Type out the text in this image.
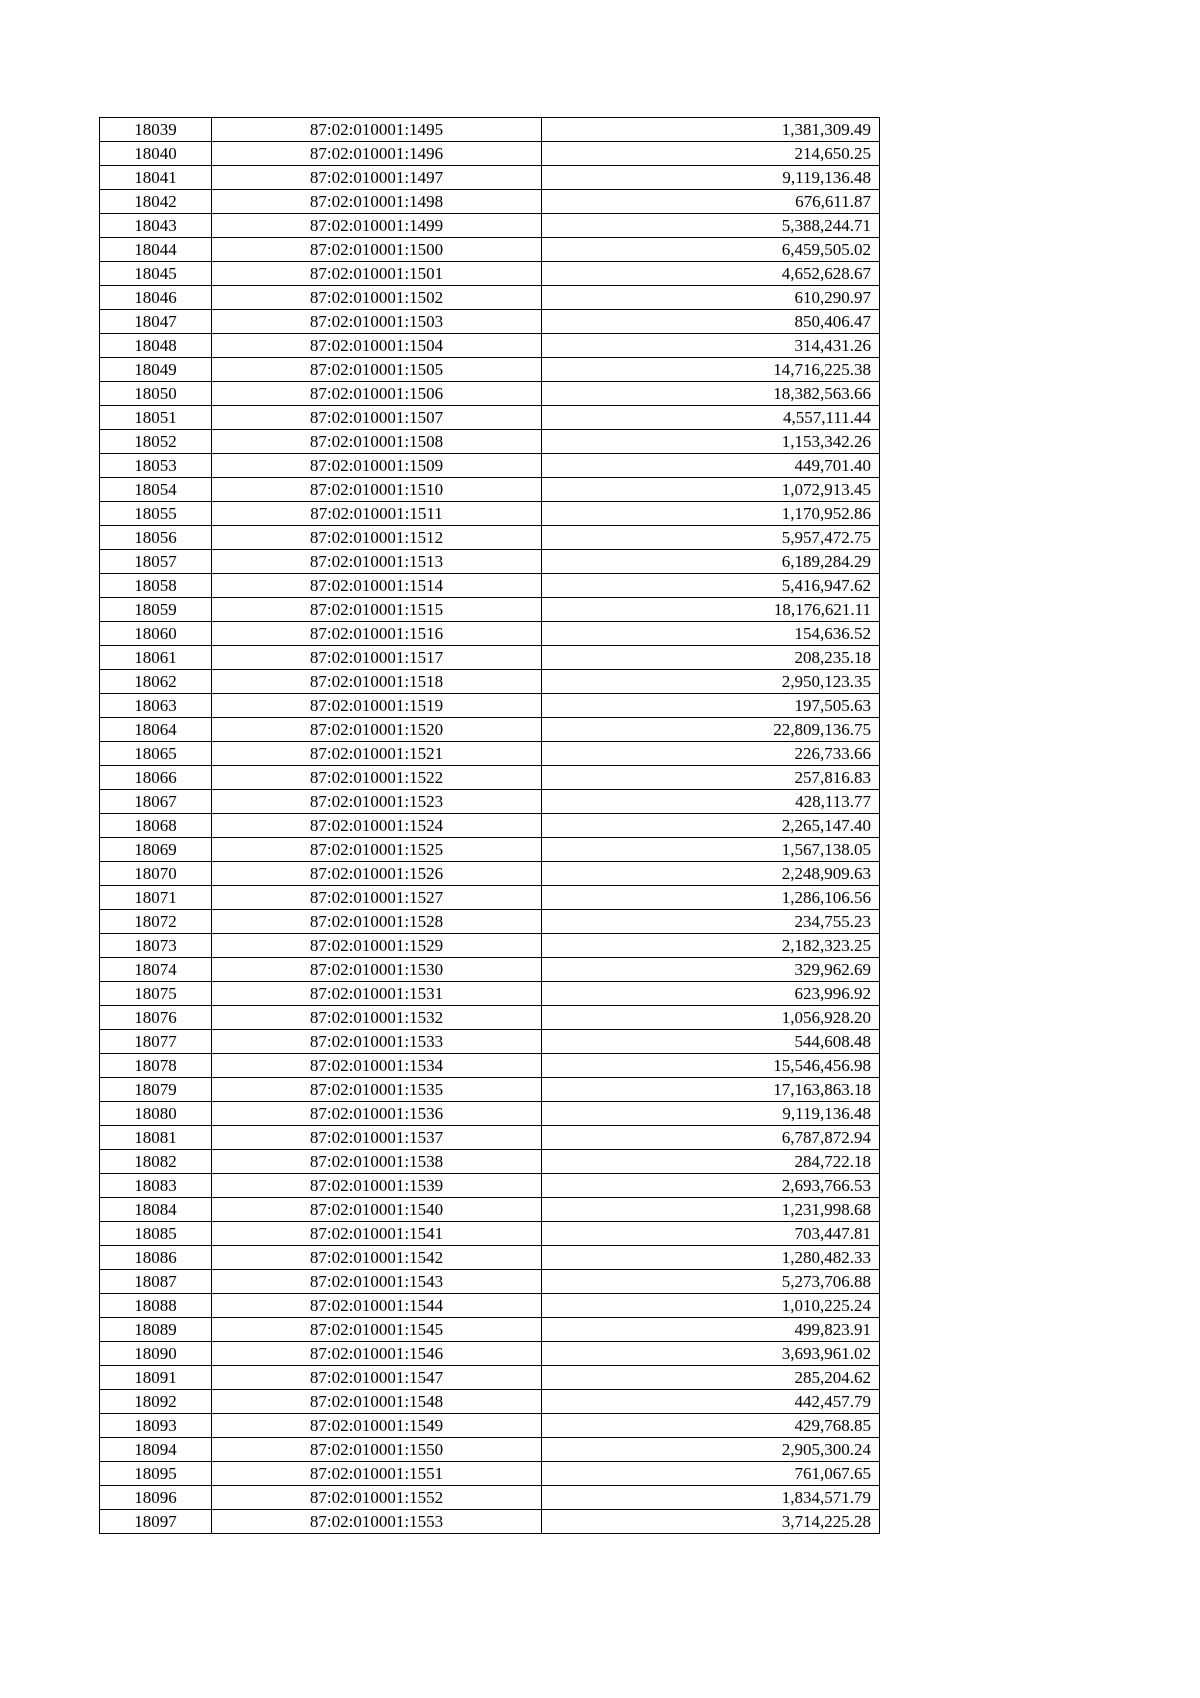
18039	87:02:010001:1495	1,381,309.49
18040	87:02:010001:1496	214,650.25
18041	87:02:010001:1497	9,119,136.48
18042	87:02:010001:1498	676,611.87
18043	87:02:010001:1499	5,388,244.71
18044	87:02:010001:1500	6,459,505.02
18045	87:02:010001:1501	4,652,628.67
18046	87:02:010001:1502	610,290.97
18047	87:02:010001:1503	850,406.47
18048	87:02:010001:1504	314,431.26
18049	87:02:010001:1505	14,716,225.38
18050	87:02:010001:1506	18,382,563.66
18051	87:02:010001:1507	4,557,111.44
18052	87:02:010001:1508	1,153,342.26
18053	87:02:010001:1509	449,701.40
18054	87:02:010001:1510	1,072,913.45
18055	87:02:010001:1511	1,170,952.86
18056	87:02:010001:1512	5,957,472.75
18057	87:02:010001:1513	6,189,284.29
18058	87:02:010001:1514	5,416,947.62
18059	87:02:010001:1515	18,176,621.11
18060	87:02:010001:1516	154,636.52
18061	87:02:010001:1517	208,235.18
18062	87:02:010001:1518	2,950,123.35
18063	87:02:010001:1519	197,505.63
18064	87:02:010001:1520	22,809,136.75
18065	87:02:010001:1521	226,733.66
18066	87:02:010001:1522	257,816.83
18067	87:02:010001:1523	428,113.77
18068	87:02:010001:1524	2,265,147.40
18069	87:02:010001:1525	1,567,138.05
18070	87:02:010001:1526	2,248,909.63
18071	87:02:010001:1527	1,286,106.56
18072	87:02:010001:1528	234,755.23
18073	87:02:010001:1529	2,182,323.25
18074	87:02:010001:1530	329,962.69
18075	87:02:010001:1531	623,996.92
18076	87:02:010001:1532	1,056,928.20
18077	87:02:010001:1533	544,608.48
18078	87:02:010001:1534	15,546,456.98
18079	87:02:010001:1535	17,163,863.18
18080	87:02:010001:1536	9,119,136.48
18081	87:02:010001:1537	6,787,872.94
18082	87:02:010001:1538	284,722.18
18083	87:02:010001:1539	2,693,766.53
18084	87:02:010001:1540	1,231,998.68
18085	87:02:010001:1541	703,447.81
18086	87:02:010001:1542	1,280,482.33
18087	87:02:010001:1543	5,273,706.88
18088	87:02:010001:1544	1,010,225.24
18089	87:02:010001:1545	499,823.91
18090	87:02:010001:1546	3,693,961.02
18091	87:02:010001:1547	285,204.62
18092	87:02:010001:1548	442,457.79
18093	87:02:010001:1549	429,768.85
18094	87:02:010001:1550	2,905,300.24
18095	87:02:010001:1551	761,067.65
18096	87:02:010001:1552	1,834,571.79
18097	87:02:010001:1553	3,714,225.28
